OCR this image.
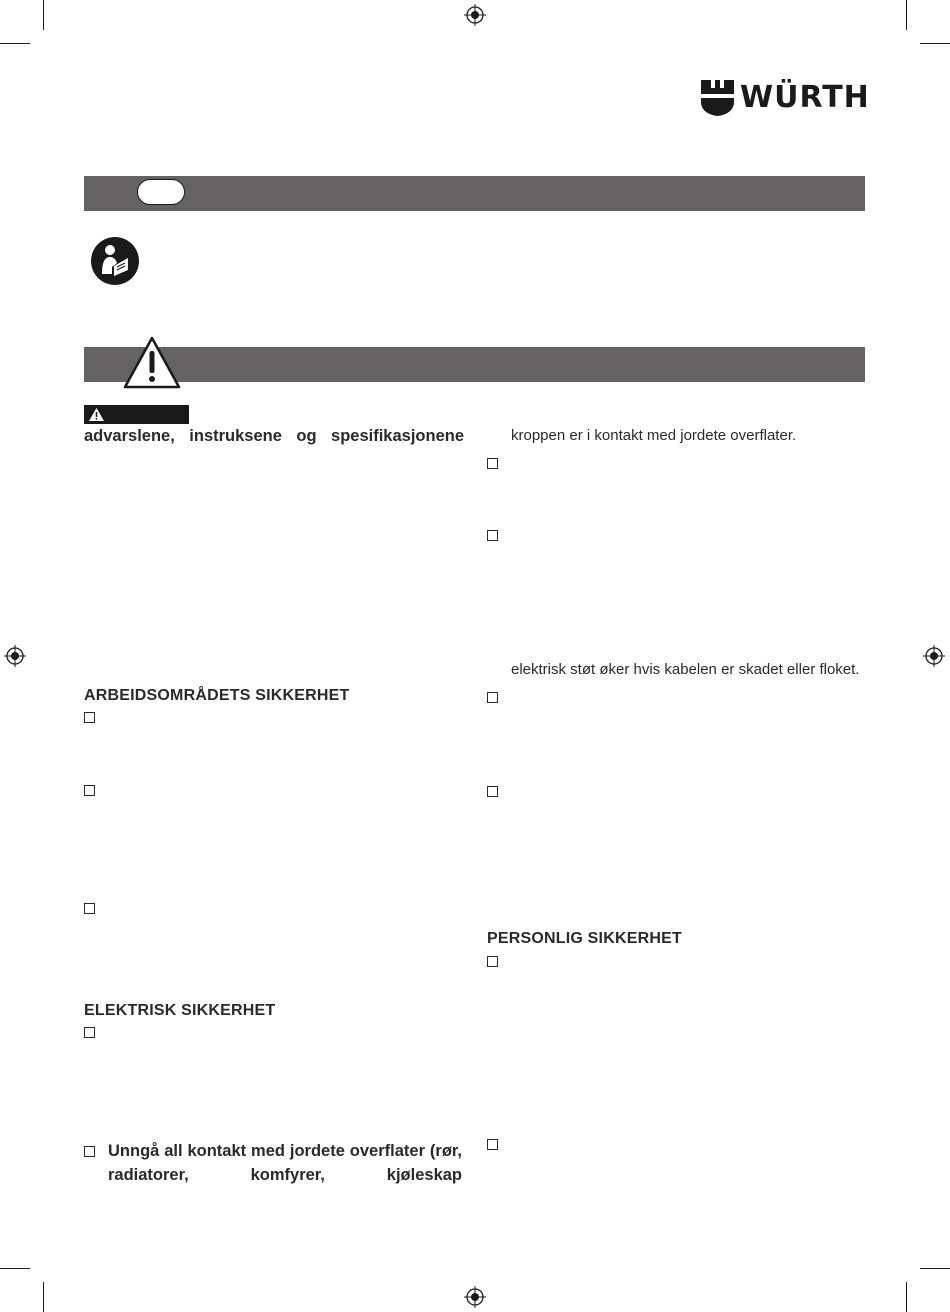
WÜRTH
advarslene, instruksene og spesifikasjonene
ARBEIDSOMRÅDETS SIKKERHET
ELEKTRISK SIKKERHET
Unngå all kontakt med jordete overflater (rør, radiatorer, komfyrer, kjøleskap
kroppen er i kontakt med jordete overflater.
elektrisk støt øker hvis kabelen er skadet eller floket.
PERSONLIG SIKKERHET
